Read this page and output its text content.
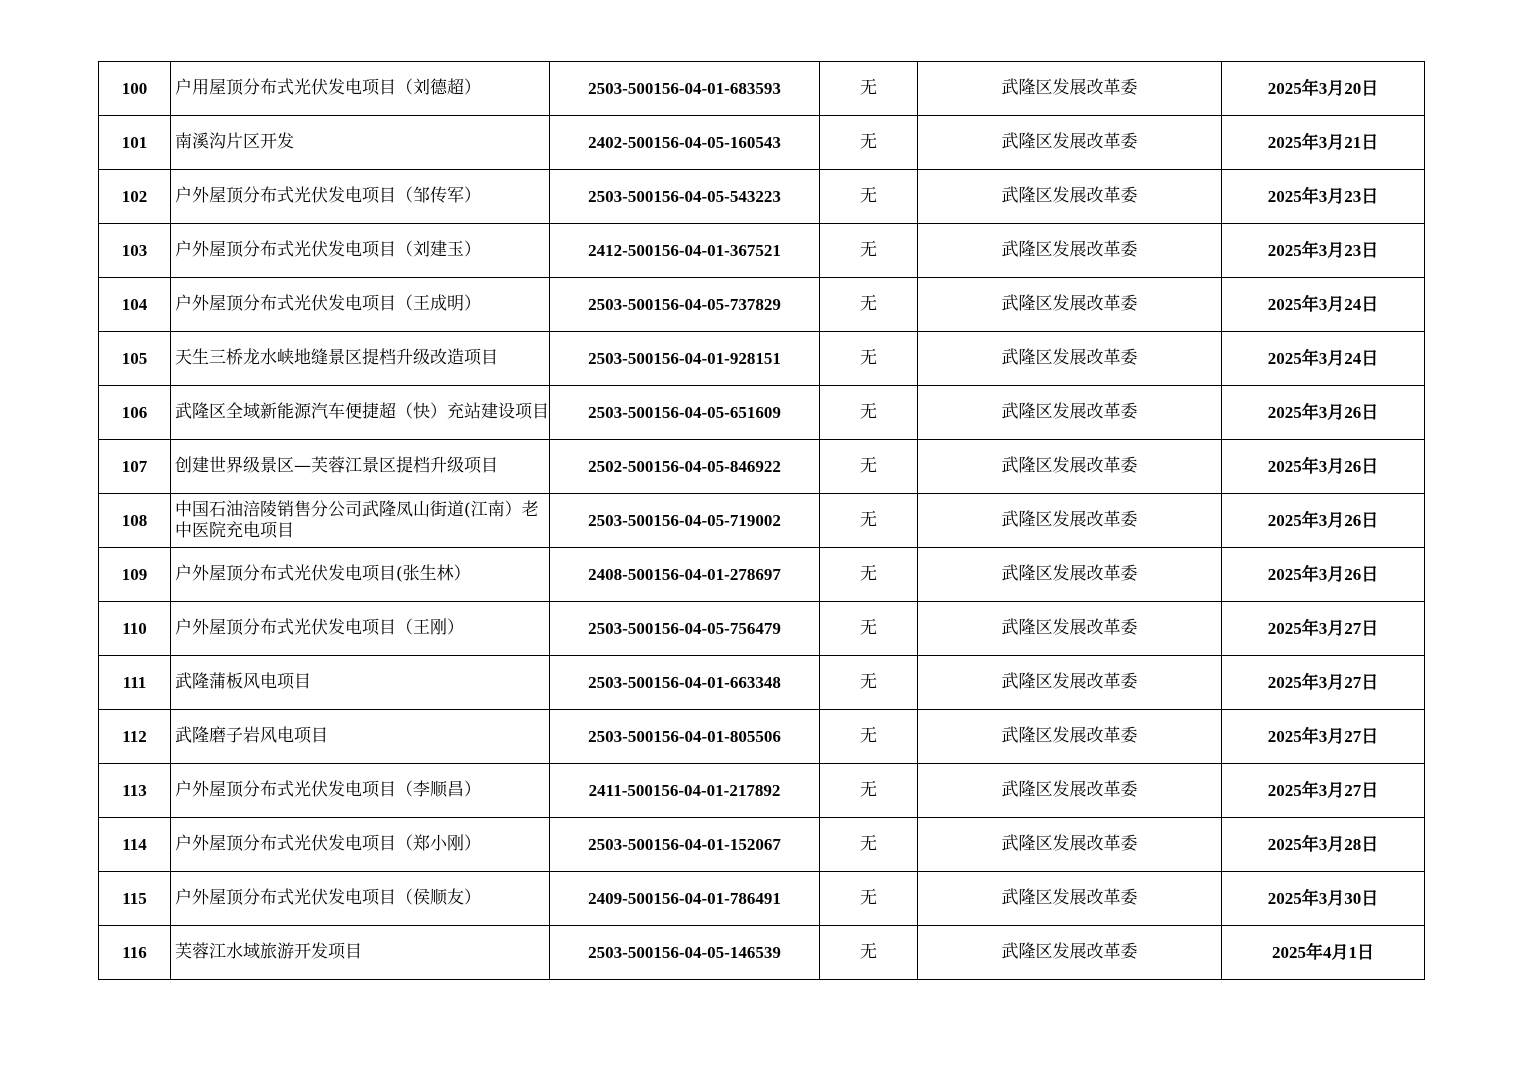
100	户用屋顶分布式光伏发电项目（刘德超）	2503-500156-04-01-683593	无	武隆区发展改革委	2025年3月20日
101	南溪沟片区开发	2402-500156-04-05-160543	无	武隆区发展改革委	2025年3月21日
102	户外屋顶分布式光伏发电项目（邹传军）	2503-500156-04-05-543223	无	武隆区发展改革委	2025年3月23日
103	户外屋顶分布式光伏发电项目（刘建玉）	2412-500156-04-01-367521	无	武隆区发展改革委	2025年3月23日
104	户外屋顶分布式光伏发电项目（王成明）	2503-500156-04-05-737829	无	武隆区发展改革委	2025年3月24日
105	天生三桥龙水峡地缝景区提档升级改造项目	2503-500156-04-01-928151	无	武隆区发展改革委	2025年3月24日
106	武隆区全域新能源汽车便捷超（快）充站建设项目	2503-500156-04-05-651609	无	武隆区发展改革委	2025年3月26日
107	创建世界级景区—芙蓉江景区提档升级项目	2502-500156-04-05-846922	无	武隆区发展改革委	2025年3月26日
108	中国石油涪陵销售分公司武隆凤山街道(江南）老中医院充电项目	2503-500156-04-05-719002	无	武隆区发展改革委	2025年3月26日
109	户外屋顶分布式光伏发电项目(张生林）	2408-500156-04-01-278697	无	武隆区发展改革委	2025年3月26日
110	户外屋顶分布式光伏发电项目（王刚）	2503-500156-04-05-756479	无	武隆区发展改革委	2025年3月27日
111	武隆蒲板风电项目	2503-500156-04-01-663348	无	武隆区发展改革委	2025年3月27日
112	武隆磨子岩风电项目	2503-500156-04-01-805506	无	武隆区发展改革委	2025年3月27日
113	户外屋顶分布式光伏发电项目（李顺昌）	2411-500156-04-01-217892	无	武隆区发展改革委	2025年3月27日
114	户外屋顶分布式光伏发电项目（郑小刚）	2503-500156-04-01-152067	无	武隆区发展改革委	2025年3月28日
115	户外屋顶分布式光伏发电项目（侯顺友）	2409-500156-04-01-786491	无	武隆区发展改革委	2025年3月30日
116	芙蓉江水域旅游开发项目	2503-500156-04-05-146539	无	武隆区发展改革委	2025年4月1日
